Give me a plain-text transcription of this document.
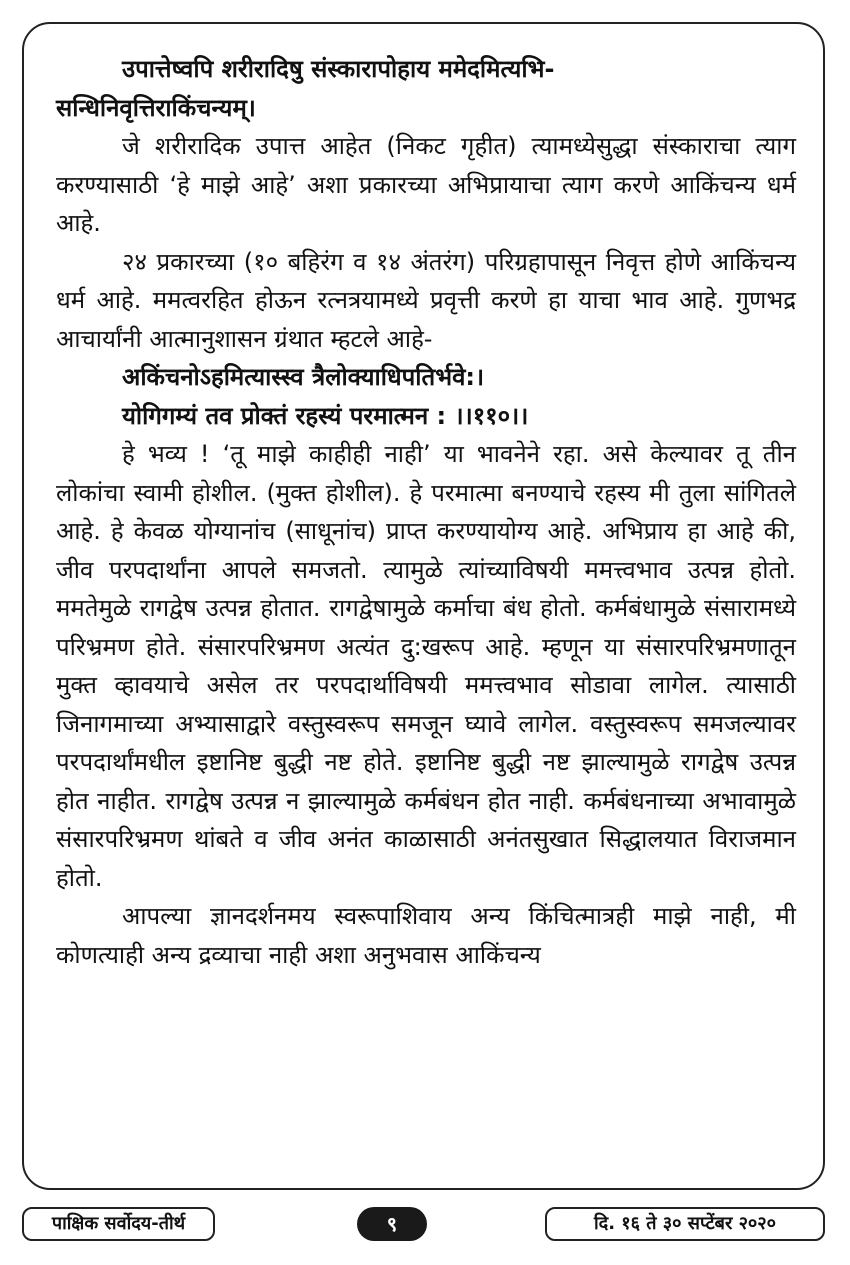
उपात्तेष्वपि शरीरादिषु संस्कारापोहाय ममेदमित्यभि-

सन्धिनिवृत्तिराकिंचन्यम्।

जे शरीरादिक उपात्त आहेत (निकट गृहीत) त्यामध्येसुद्धा संस्काराचा त्याग करण्यासाठी ‘हे माझे आहे’ अशा प्रकारच्या अभिप्रायाचा त्याग करणे आकिंचन्य धर्म आहे.

२४ प्रकारच्या (१० बहिरंग व १४ अंतरंग) परिग्रहापासून निवृत्त होणे आकिंचन्य धर्म आहे. ममत्वरहित होऊन रत्नत्रयामध्ये प्रवृत्ती करणे हा याचा भाव आहे. गुणभद्र आचार्यांनी आत्मानुशासन ग्रंथात म्हटले आहे-

अकिंचनोऽहमित्यास्स्व त्रैलोक्याधिपतिर्भवे:।

योगिगम्यं तव प्रोक्तं रहस्यं परमात्मन : ।।११०।।

हे भव्य ! ‘तू माझे काहीही नाही’ या भावनेने रहा. असे केल्यावर तू तीन लोकांचा स्वामी होशील. (मुक्त होशील). हे परमात्मा बनण्याचे रहस्य मी तुला सांगितले आहे. हे केवळ योग्यानांच (साधूनांच) प्राप्त करण्यायोग्य आहे. अभिप्राय हा आहे की, जीव परपदार्थांना आपले समजतो. त्यामुळे त्यांच्याविषयी ममत्त्वभाव उत्पन्न होतो. ममतेमुळे रागद्वेष उत्पन्न होतात. रागद्वेषामुळे कर्माचा बंध होतो. कर्मबंधामुळे संसारामध्ये परिभ्रमण होते. संसारपरिभ्रमण अत्यंत दु:खरूप आहे. म्हणून या संसारपरिभ्रमणातून मुक्त व्हावयाचे असेल तर परपदार्थाविषयी ममत्त्वभाव सोडावा लागेल. त्यासाठी जिनागमाच्या अभ्यासाद्वारे वस्तुस्वरूप समजून घ्यावे लागेल. वस्तुस्वरूप समजल्यावर परपदार्थांमधील इष्टानिष्ट बुद्धी नष्ट होते. इष्टानिष्ट बुद्धी नष्ट झाल्यामुळे रागद्वेष उत्पन्न होत नाहीत. रागद्वेष उत्पन्न न झाल्यामुळे कर्मबंधन होत नाही. कर्मबंधनाच्या अभावामुळे संसारपरिभ्रमण थांबते व जीव अनंत काळासाठी अनंतसुखात सिद्धालयात विराजमान होतो.

आपल्या ज्ञानदर्शनमय स्वरूपाशिवाय अन्य किंचित्मात्रही माझे नाही, मी कोणत्याही अन्य द्रव्याचा नाही अशा अनुभवास आकिंचन्य

पाक्षिक सर्वोदय-तीर्थ	९	दि. १६ ते ३० सप्टेंबर २०२०
